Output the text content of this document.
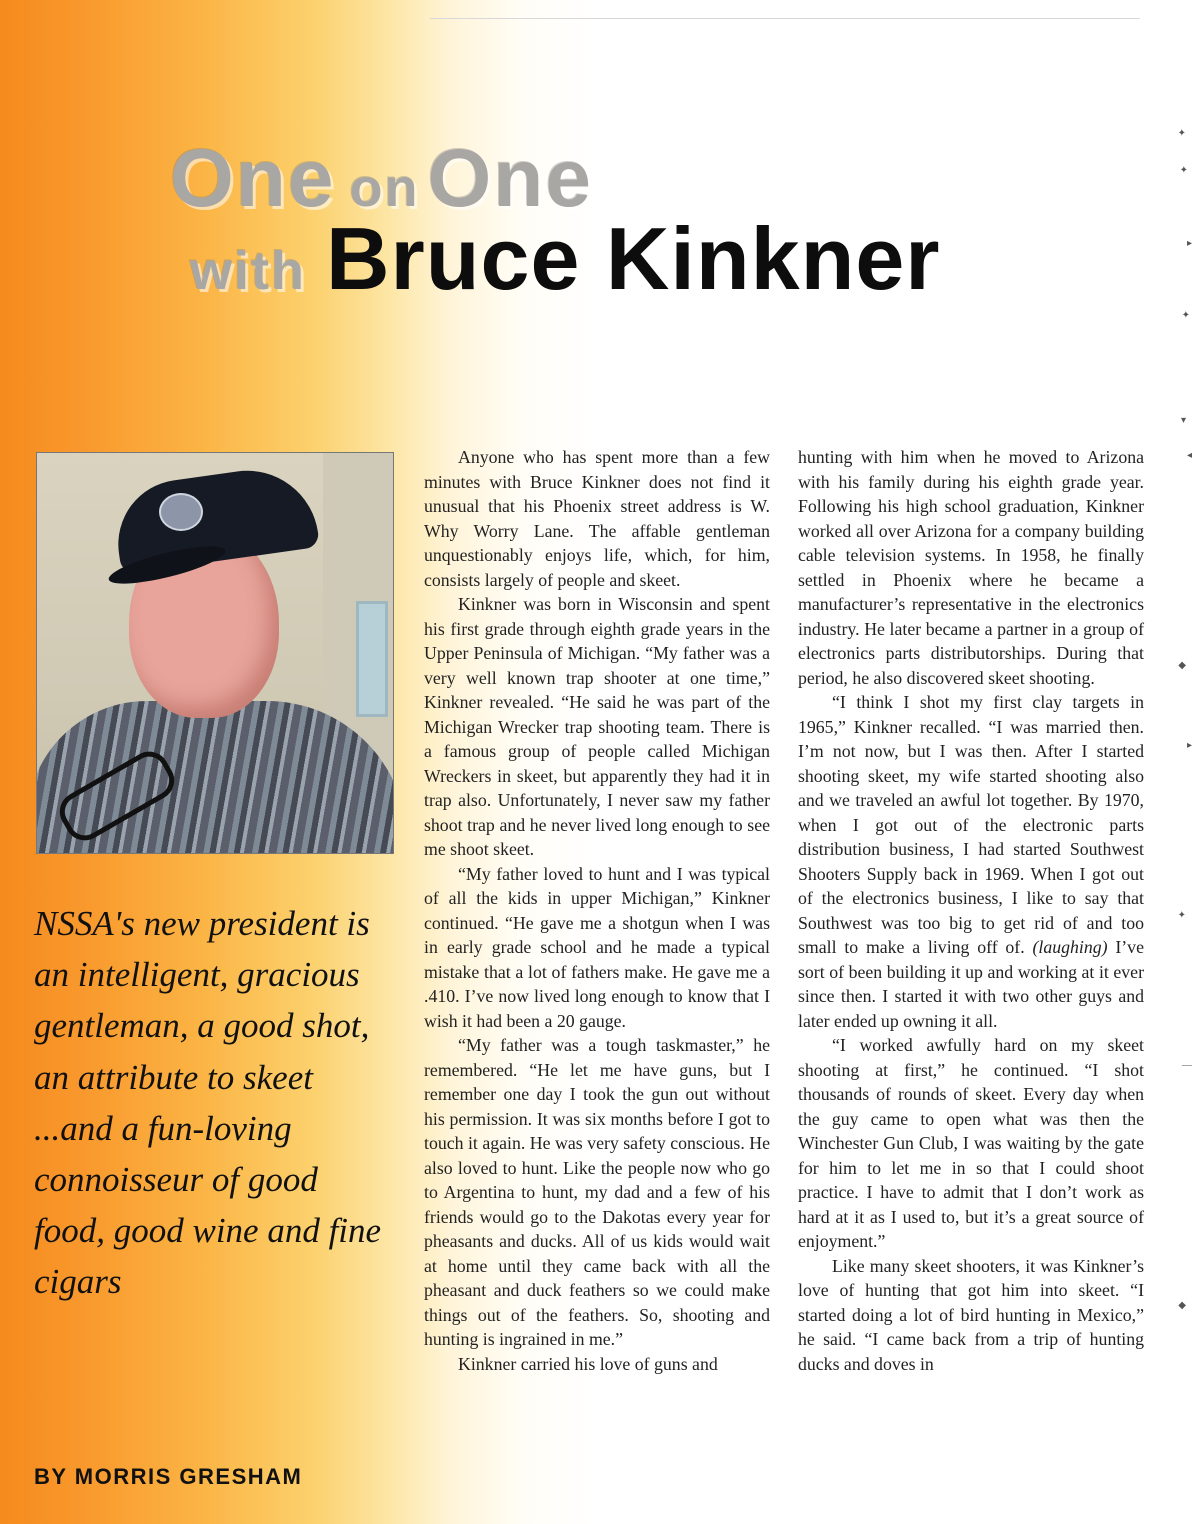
One onOne
with Bruce Kinkner

NSSA's new president is an intelligent, gracious gentleman, a good shot, an attribute to skeet ...and a fun-loving connoisseur of good food, good wine and fine cigars

BY MORRIS GRESHAM

Anyone who has spent more than a few minutes with Bruce Kinkner does not find it unusual that his Phoenix street address is W. Why Worry Lane. The affable gentleman unquestionably enjoys life, which, for him, consists largely of people and skeet.

Kinkner was born in Wisconsin and spent his first grade through eighth grade years in the Upper Peninsula of Michigan. “My father was a very well known trap shooter at one time,” Kinkner revealed. “He said he was part of the Michigan Wrecker trap shooting team. There is a famous group of people called Michigan Wreckers in skeet, but apparently they had it in trap also. Unfortunately, I never saw my father shoot trap and he never lived long enough to see me shoot skeet.

“My father loved to hunt and I was typical of all the kids in upper Michigan,” Kinkner continued. “He gave me a shotgun when I was in early grade school and he made a typical mistake that a lot of fathers make. He gave me a .410. I’ve now lived long enough to know that I wish it had been a 20 gauge.

“My father was a tough taskmaster,” he remembered. “He let me have guns, but I remember one day I took the gun out without his permission. It was six months before I got to touch it again. He was very safety conscious. He also loved to hunt. Like the people now who go to Argentina to hunt, my dad and a few of his friends would go to the Dakotas every year for pheasants and ducks. All of us kids would wait at home until they came back with all the pheasant and duck feathers so we could make things out of the feathers. So, shooting and hunting is ingrained in me.”

Kinkner carried his love of guns and

hunting with him when he moved to Arizona with his family during his eighth grade year. Following his high school graduation, Kinkner worked all over Arizona for a company building cable television systems. In 1958, he finally settled in Phoenix where he became a manufacturer’s representative in the electronics industry. He later became a partner in a group of electronics parts distributorships. During that period, he also discovered skeet shooting.

“I think I shot my first clay targets in 1965,” Kinkner recalled. “I was married then. I’m not now, but I was then. After I started shooting skeet, my wife started shooting also and we traveled an awful lot together. By 1970, when I got out of the electronic parts distribution business, I had started Southwest Shooters Supply back in 1969. When I got out of the electronics business, I like to say that Southwest was too big to get rid of and too small to make a living off of. (laughing) I’ve sort of been building it up and working at it ever since then. I started it with two other guys and later ended up owning it all.

“I worked awfully hard on my skeet shooting at first,” he continued. “I shot thousands of rounds of skeet. Every day when the guy came to open what was then the Winchester Gun Club, I was waiting by the gate for him to let me in so that I could shoot practice. I have to admit that I don’t work as hard at it as I used to, but it’s a great source of enjoyment.”

Like many skeet shooters, it was Kinkner’s love of hunting that got him into skeet. “I started doing a lot of bird hunting in Mexico,” he said. “I came back from a trip of hunting ducks and doves in

✦
✦
▸
✦
▾
◂
◆
▸
✦
—
◆
